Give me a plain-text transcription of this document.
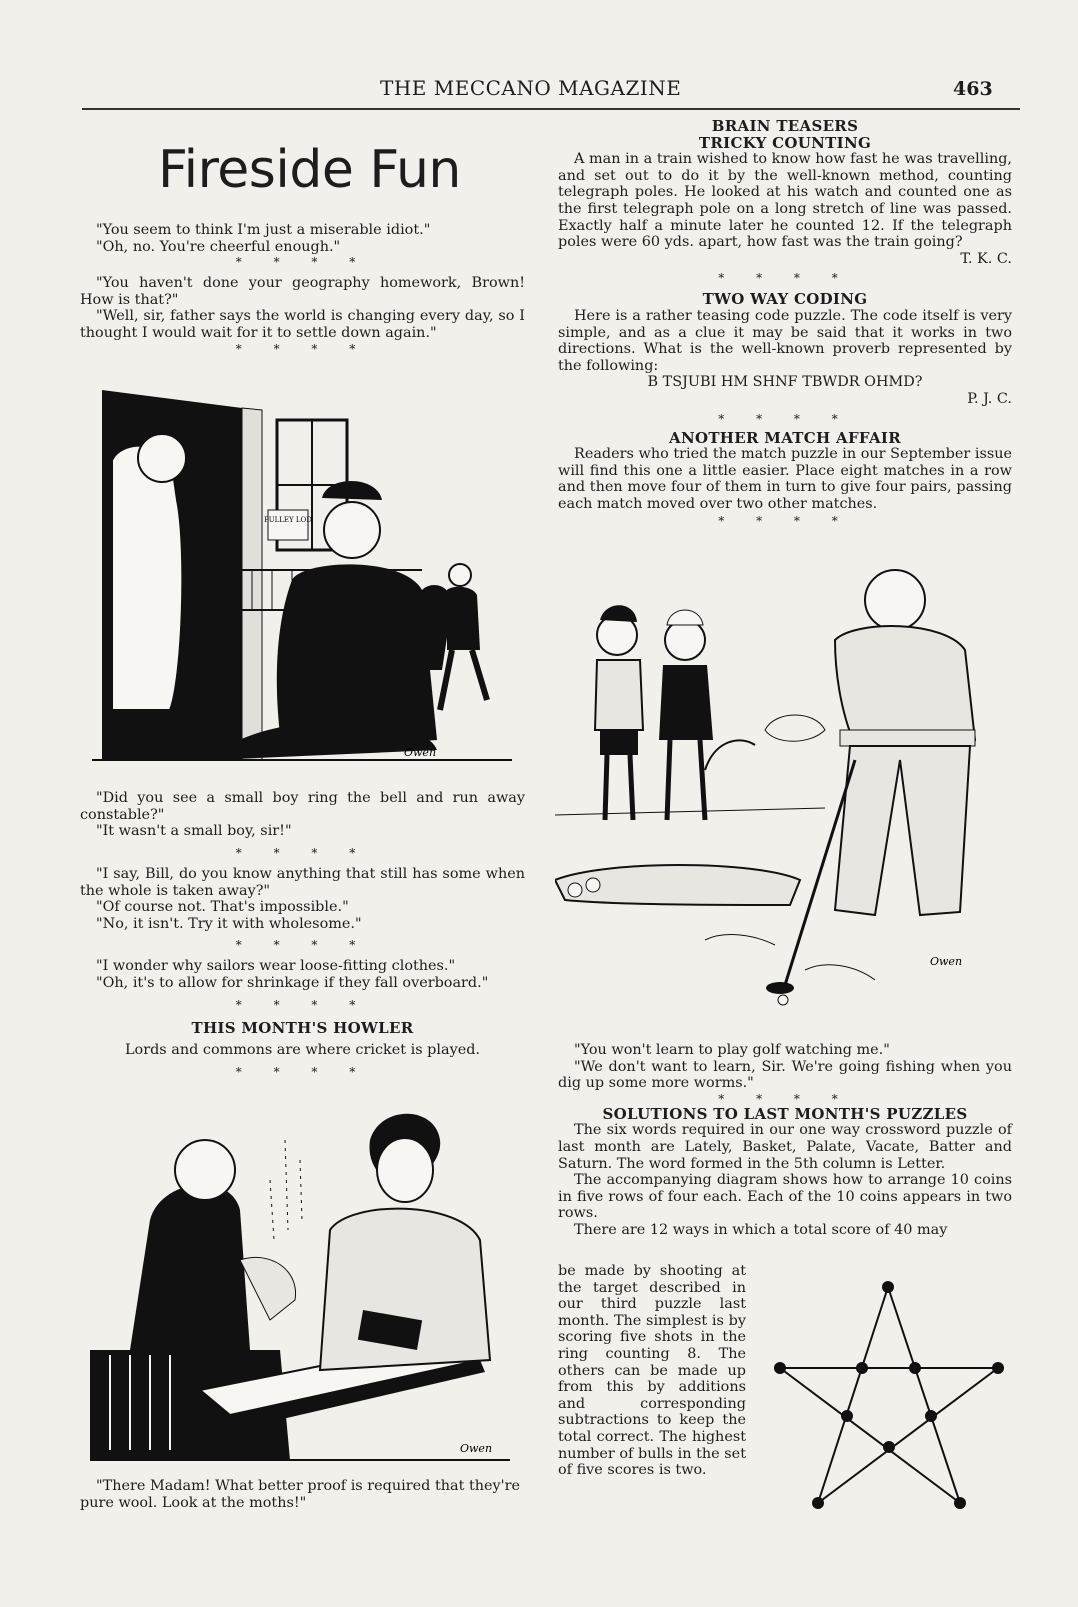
THE MECCANO MAGAZINE	463
Fireside Fun

"You seem to think I'm just a miserable idiot."

"Oh, no. You're cheerful enough."

* * * *

"You haven't done your geography homework, Brown! How is that?"

"Well, sir, father says the world is changing every day, so I thought I would wait for it to settle down again."

* * * *
PULLEY LOD
Owen

"Did you see a small boy ring the bell and run away constable?"

"It wasn't a small boy, sir!"

* * * *

"I say, Bill, do you know anything that still has some when the whole is taken away?"

"Of course not. That's impossible."

"No, it isn't. Try it with wholesome."

* * * *

"I wonder why sailors wear loose-fitting clothes."

"Oh, it's to allow for shrinkage if they fall overboard."

* * * *

THIS MONTH'S HOWLER

Lords and commons are where cricket is played.

* * * *
Owen

"There Madam! What better proof is required that they're pure wool. Look at the moths!"

BRAIN TEASERS

TRICKY COUNTING

A man in a train wished to know how fast he was travelling, and set out to do it by the well-known method, counting telegraph poles. He looked at his watch and counted one as the first telegraph pole on a long stretch of line was passed. Exactly half a minute later he counted 12. If the telegraph poles were 60 yds. apart, how fast was the train going?

T. K. C.

* * * *

TWO WAY CODING

Here is a rather teasing code puzzle. The code itself is very simple, and as a clue it may be said that it works in two directions. What is the well-known proverb represented by the following:

B TSJUBI HM SHNF TBWDR OHMD?

P. J. C.

* * * *

ANOTHER MATCH AFFAIR

Readers who tried the match puzzle in our September issue will find this one a little easier. Place eight matches in a row and then move four of them in turn to give four pairs, passing each match moved over two other matches.

* * * *
Owen

"You won't learn to play golf watching me."

"We don't want to learn, Sir. We're going fishing when you dig up some more worms."

* * * *

SOLUTIONS TO LAST MONTH'S PUZZLES

The six words required in our one way crossword puzzle of last month are Lately, Basket, Palate, Vacate, Batter and Saturn. The word formed in the 5th column is Letter.

The accompanying diagram shows how to arrange 10 coins in five rows of four each. Each of the 10 coins appears in two rows.

There are 12 ways in which a total score of 40 may

be made by shooting at the target described in our third puzzle last month. The simplest is by scoring five shots in the ring counting 8. The others can be made up from this by additions and corresponding subtractions to keep the total correct. The highest number of bulls in the set of five scores is two.
